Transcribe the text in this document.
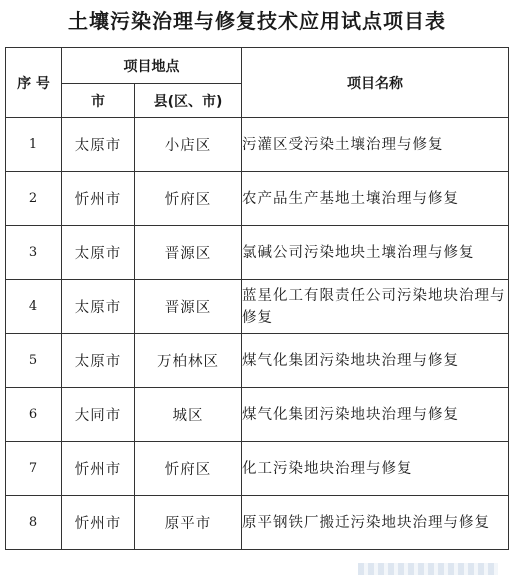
土壤污染治理与修复技术应用试点项目表
序 号	项目地点		项目名称
	市	县(区、市)	
1	太原市	小店区	污灌区受污染土壤治理与修复
2	忻州市	忻府区	农产品生产基地土壤治理与修复
3	太原市	晋源区	氯碱公司污染地块土壤治理与修复
4	太原市	晋源区	蓝星化工有限责任公司污染地块治理与修复
5	太原市	万柏林区	煤气化集团污染地块治理与修复
6	大同市	城区	煤气化集团污染地块治理与修复
7	忻州市	忻府区	化工污染地块治理与修复
8	忻州市	原平市	原平钢铁厂搬迁污染地块治理与修复
